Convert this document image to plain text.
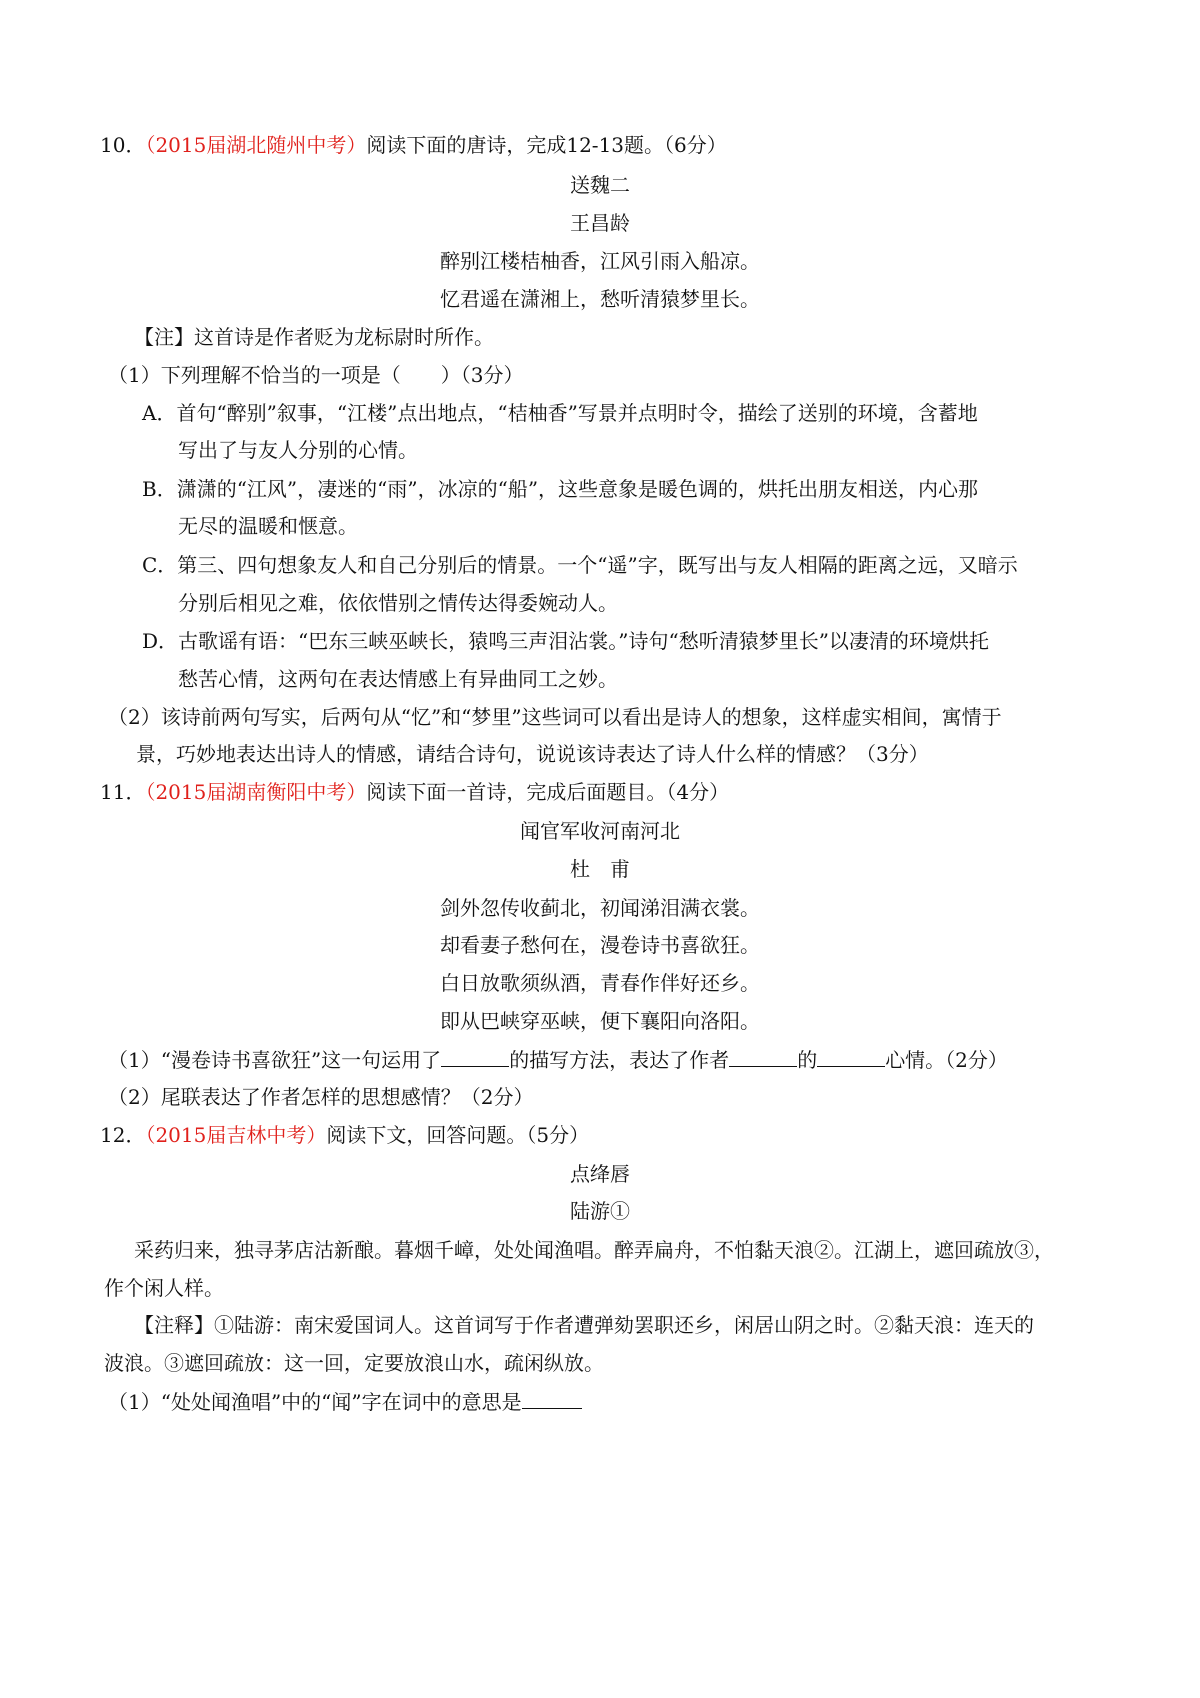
10．（2015届湖北随州中考）阅读下面的唐诗，完成12-13题。（6分）
送魏二
王昌龄
醉别江楼桔柚香，江风引雨入船凉。
忆君遥在潇湘上，愁听清猿梦里长。
【注】这首诗是作者贬为龙标尉时所作。
（1）下列理解不恰当的一项是（　　）（3分）
A．首句“醉别”叙事，“江楼”点出地点，“桔柚香”写景并点明时令，描绘了送别的环境，含蓄地
写出了与友人分别的心情。
B．潇潇的“江风”，凄迷的“雨”，冰凉的“船”，这些意象是暖色调的，烘托出朋友相送，内心那
无尽的温暖和惬意。
C．第三、四句想象友人和自己分别后的情景。一个“遥”字，既写出与友人相隔的距离之远，又暗示
分别后相见之难，依依惜别之情传达得委婉动人。
D．古歌谣有语：“巴东三峡巫峡长，猿鸣三声泪沾裳。”诗句“愁听清猿梦里长”以凄清的环境烘托
愁苦心情，这两句在表达情感上有异曲同工之妙。
（2）该诗前两句写实，后两句从“忆”和“梦里”这些词可以看出是诗人的想象，这样虚实相间，寓情于
景，巧妙地表达出诗人的情感，请结合诗句，说说该诗表达了诗人什么样的情感？（3分）
11．（2015届湖南衡阳中考）阅读下面一首诗，完成后面题目。（4分）
闻官军收河南河北
杜　甫
剑外忽传收蓟北，初闻涕泪满衣裳。
却看妻子愁何在，漫卷诗书喜欲狂。
白日放歌须纵酒，青春作伴好还乡。
即从巴峡穿巫峡，便下襄阳向洛阳。
（1）“漫卷诗书喜欲狂”这一句运用了	的描写方法，表达了作者	的	心情。（2分）
（2）尾联表达了作者怎样的思想感情？（2分）
12．（2015届吉林中考）阅读下文，回答问题。（5分）
点绛唇
陆游①
采药归来，独寻茅店沽新酿。暮烟千嶂，处处闻渔唱。醉弄扁舟，不怕黏天浪②。江湖上，遮回疏放③，
作个闲人样。
【注释】①陆游：南宋爱国词人。这首词写于作者遭弹劾罢职还乡，闲居山阴之时。②黏天浪：连天的
波浪。③遮回疏放：这一回，定要放浪山水，疏闲纵放。
（1）“处处闻渔唱”中的“闻”字在词中的意思是
